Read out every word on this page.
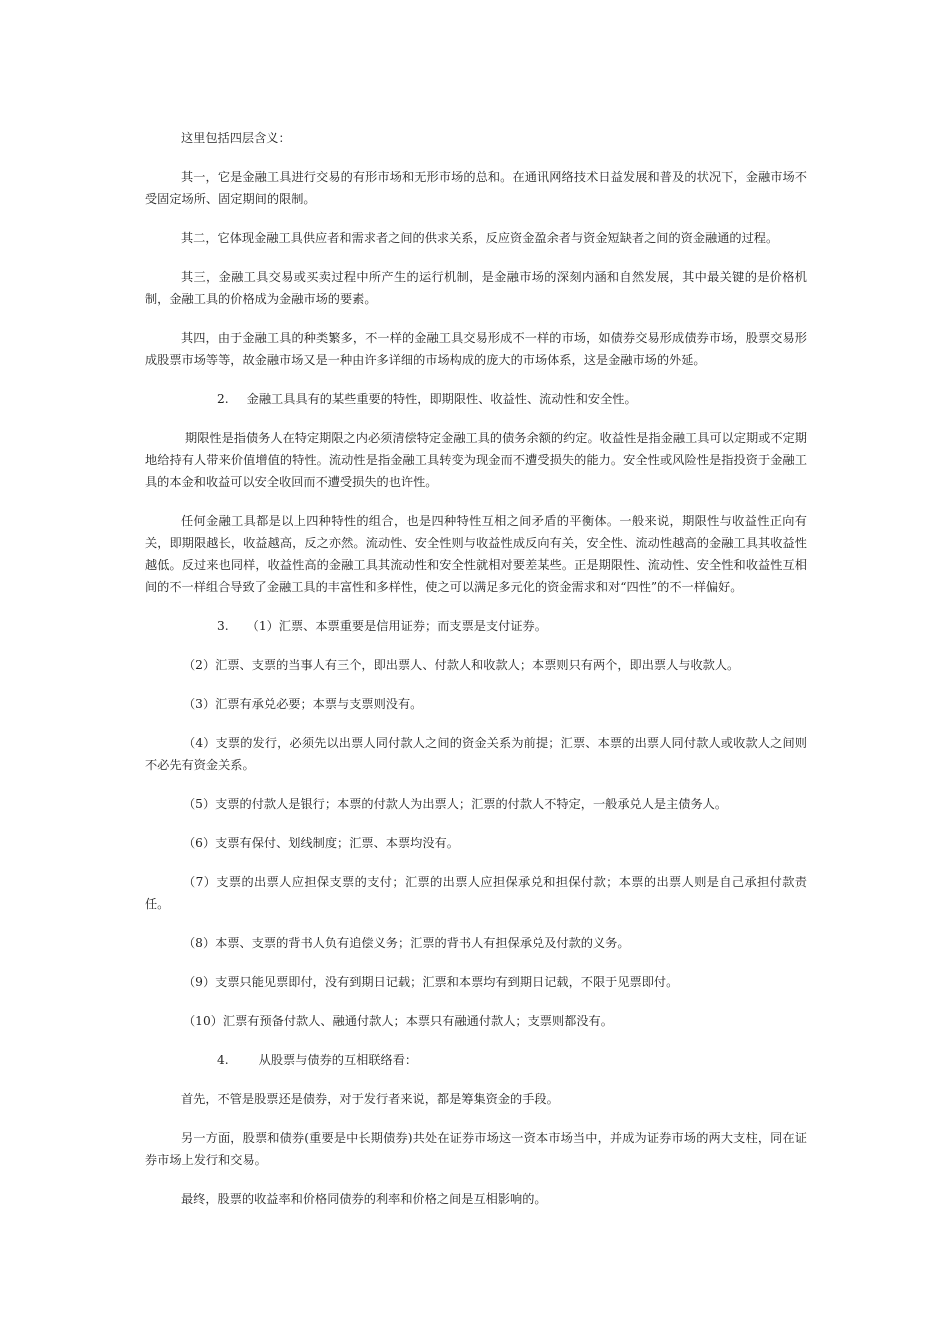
这里包括四层含义：

其一，它是金融工具进行交易的有形市场和无形市场的总和。在通讯网络技术日益发展和普及的状况下，金融市场不受固定场所、固定期间的限制。

其二，它体现金融工具供应者和需求者之间的供求关系，反应资金盈余者与资金短缺者之间的资金融通的过程。

其三，金融工具交易或买卖过程中所产生的运行机制，是金融市场的深刻内涵和自然发展，其中最关键的是价格机制，金融工具的价格成为金融市场的要素。

其四，由于金融工具的种类繁多，不一样的金融工具交易形成不一样的市场，如债券交易形成债券市场，股票交易形成股票市场等等，故金融市场又是一种由许多详细的市场构成的庞大的市场体系，这是金融市场的外延。

2. 金融工具具有的某些重要的特性，即期限性、收益性、流动性和安全性。

期限性是指债务人在特定期限之内必须清偿特定金融工具的债务余额的约定。收益性是指金融工具可以定期或不定期地给持有人带来价值增值的特性。流动性是指金融工具转变为现金而不遭受损失的能力。安全性或风险性是指投资于金融工具的本金和收益可以安全收回而不遭受损失的也许性。

任何金融工具都是以上四种特性的组合，也是四种特性互相之间矛盾的平衡体。一般来说，期限性与收益性正向有关，即期限越长，收益越高，反之亦然。流动性、安全性则与收益性成反向有关，安全性、流动性越高的金融工具其收益性越低。反过来也同样，收益性高的金融工具其流动性和安全性就相对要差某些。正是期限性、流动性、安全性和收益性互相间的不一样组合导致了金融工具的丰富性和多样性，使之可以满足多元化的资金需求和对“四性”的不一样偏好。

3. （1）汇票、本票重要是信用证券；而支票是支付证券。

（2）汇票、支票的当事人有三个，即出票人、付款人和收款人；本票则只有两个，即出票人与收款人。

（3）汇票有承兑必要；本票与支票则没有。

（4）支票的发行，必须先以出票人同付款人之间的资金关系为前提；汇票、本票的出票人同付款人或收款人之间则不必先有资金关系。

（5）支票的付款人是银行；本票的付款人为出票人；汇票的付款人不特定，一般承兑人是主债务人。

（6）支票有保付、划线制度；汇票、本票均没有。

（7）支票的出票人应担保支票的支付；汇票的出票人应担保承兑和担保付款；本票的出票人则是自己承担付款责任。

（8）本票、支票的背书人负有追偿义务；汇票的背书人有担保承兑及付款的义务。

（9）支票只能见票即付，没有到期日记载；汇票和本票均有到期日记载，不限于见票即付。

（10）汇票有预备付款人、融通付款人；本票只有融通付款人；支票则都没有。

4. 从股票与债券的互相联络看：

首先，不管是股票还是债券，对于发行者来说，都是筹集资金的手段。

另一方面，股票和债券(重要是中长期债券)共处在证券市场这一资本市场当中，并成为证券市场的两大支柱，同在证券市场上发行和交易。

最终，股票的收益率和价格同债券的利率和价格之间是互相影响的。
